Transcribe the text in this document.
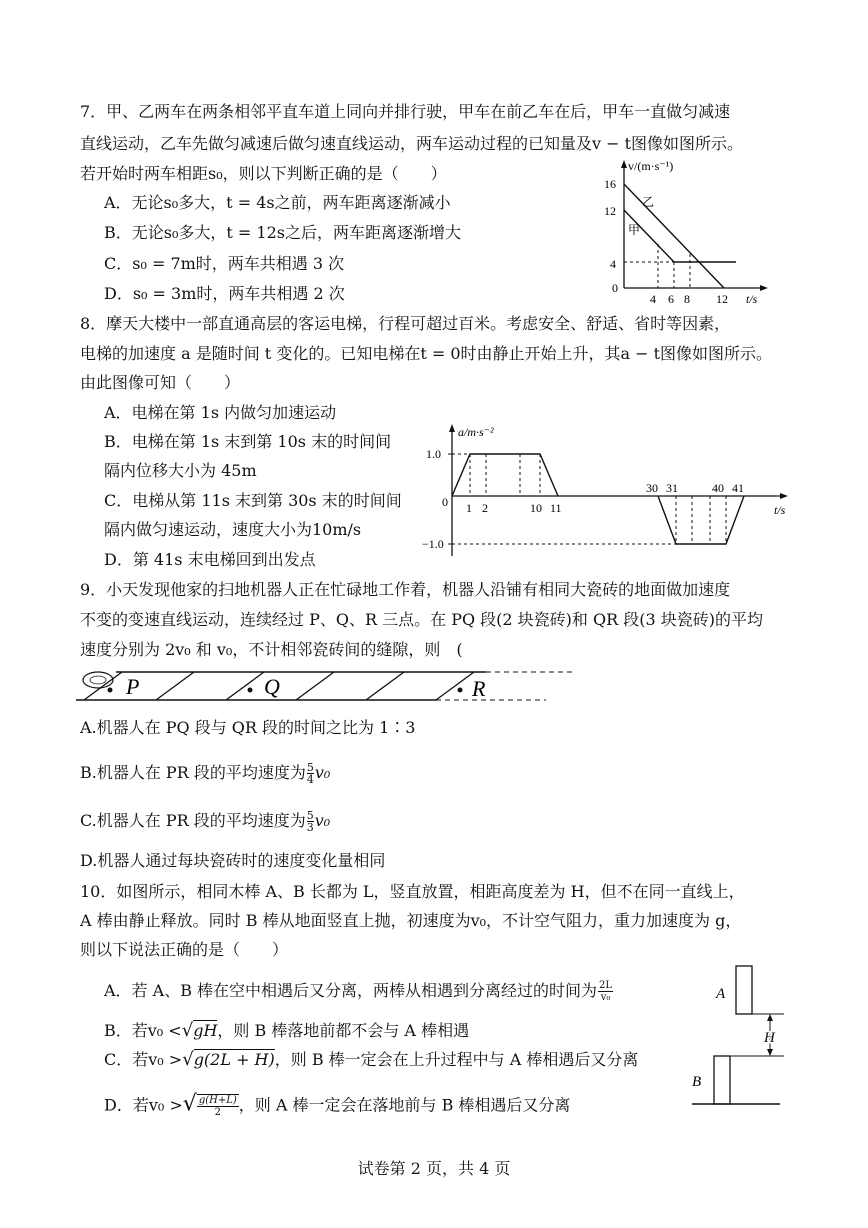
7．甲、乙两车在两条相邻平直车道上同向并排行驶，甲车在前乙车在后，甲车一直做匀减速
直线运动，乙车先做匀减速后做匀速直线运动，两车运动过程的已知量及v − t图像如图所示。
若开始时两车相距s₀，则以下判断正确的是（　　）
A．无论s₀多大，t = 4s之前，两车距离逐渐减小
B．无论s₀多大，t = 12s之后，两车距离逐渐增大
C．s₀ = 7m时，两车共相遇 3 次
D．s₀ = 3m时，两车共相遇 2 次
v/(m·s⁻¹)
t/s
0
16
12
4
4 6 8 12
乙
甲
8．摩天大楼中一部直通高层的客运电梯，行程可超过百米。考虑安全、舒适、省时等因素，
电梯的加速度 a 是随时间 t 变化的。已知电梯在t = 0时由静止开始上升，其a − t图像如图所示。
由此图像可知（　　）
A．电梯在第 1s 内做匀加速运动
B．电梯在第 1s 末到第 10s 末的时间间
隔内位移大小为 45m
C．电梯从第 11s 末到第 30s 末的时间间
隔内做匀速运动，速度大小为10m/s
D．第 41s 末电梯回到出发点
a/m·s⁻²
t/s
0
1.0
−1.0
1 2	10 11
30 31	40 41
9．小天发现他家的扫地机器人正在忙碌地工作着，机器人沿铺有相同大瓷砖的地面做加速度
不变的变速直线运动，连续经过 P、Q、R 三点。在 PQ 段(2 块瓷砖)和 QR 段(3 块瓷砖)的平均
速度分别为 2v₀ 和 v₀，不计相邻瓷砖间的缝隙，则　(
P	Q	R
A.机器人在 PQ 段与 QR 段的时间之比为 1∶3
B.机器人在 PR 段的平均速度为 $\frac{5}{4} v_0$
C.机器人在 PR 段的平均速度为 $\frac{5}{3} v_0$
D.机器人通过每块瓷砖时的速度变化量相同
10．如图所示，相同木棒 A、B 长都为 L，竖直放置，相距高度差为 H，但不在同一直线上，
A 棒由静止释放。同时 B 棒从地面竖直上抛，初速度为v₀，不计空气阻力，重力加速度为 g，
则以下说法正确的是（　　）
A．若 A、B 棒在空中相遇后又分离，两棒从相遇到分离经过的时间为 $\frac{2L}{\text{v₀}}$
B．若v₀ <√gH，则 B 棒落地前都不会与 A 棒相遇
C．若v₀ >√g(2L + H)，则 B 棒一定会在上升过程中与 A 棒相遇后又分离
D．若v₀ >√ $\frac{g(H+L)}{2}$ ，则 A 棒一定会在落地前与 B 棒相遇后又分离
A
H
B
试卷第 2 页，共 4 页
